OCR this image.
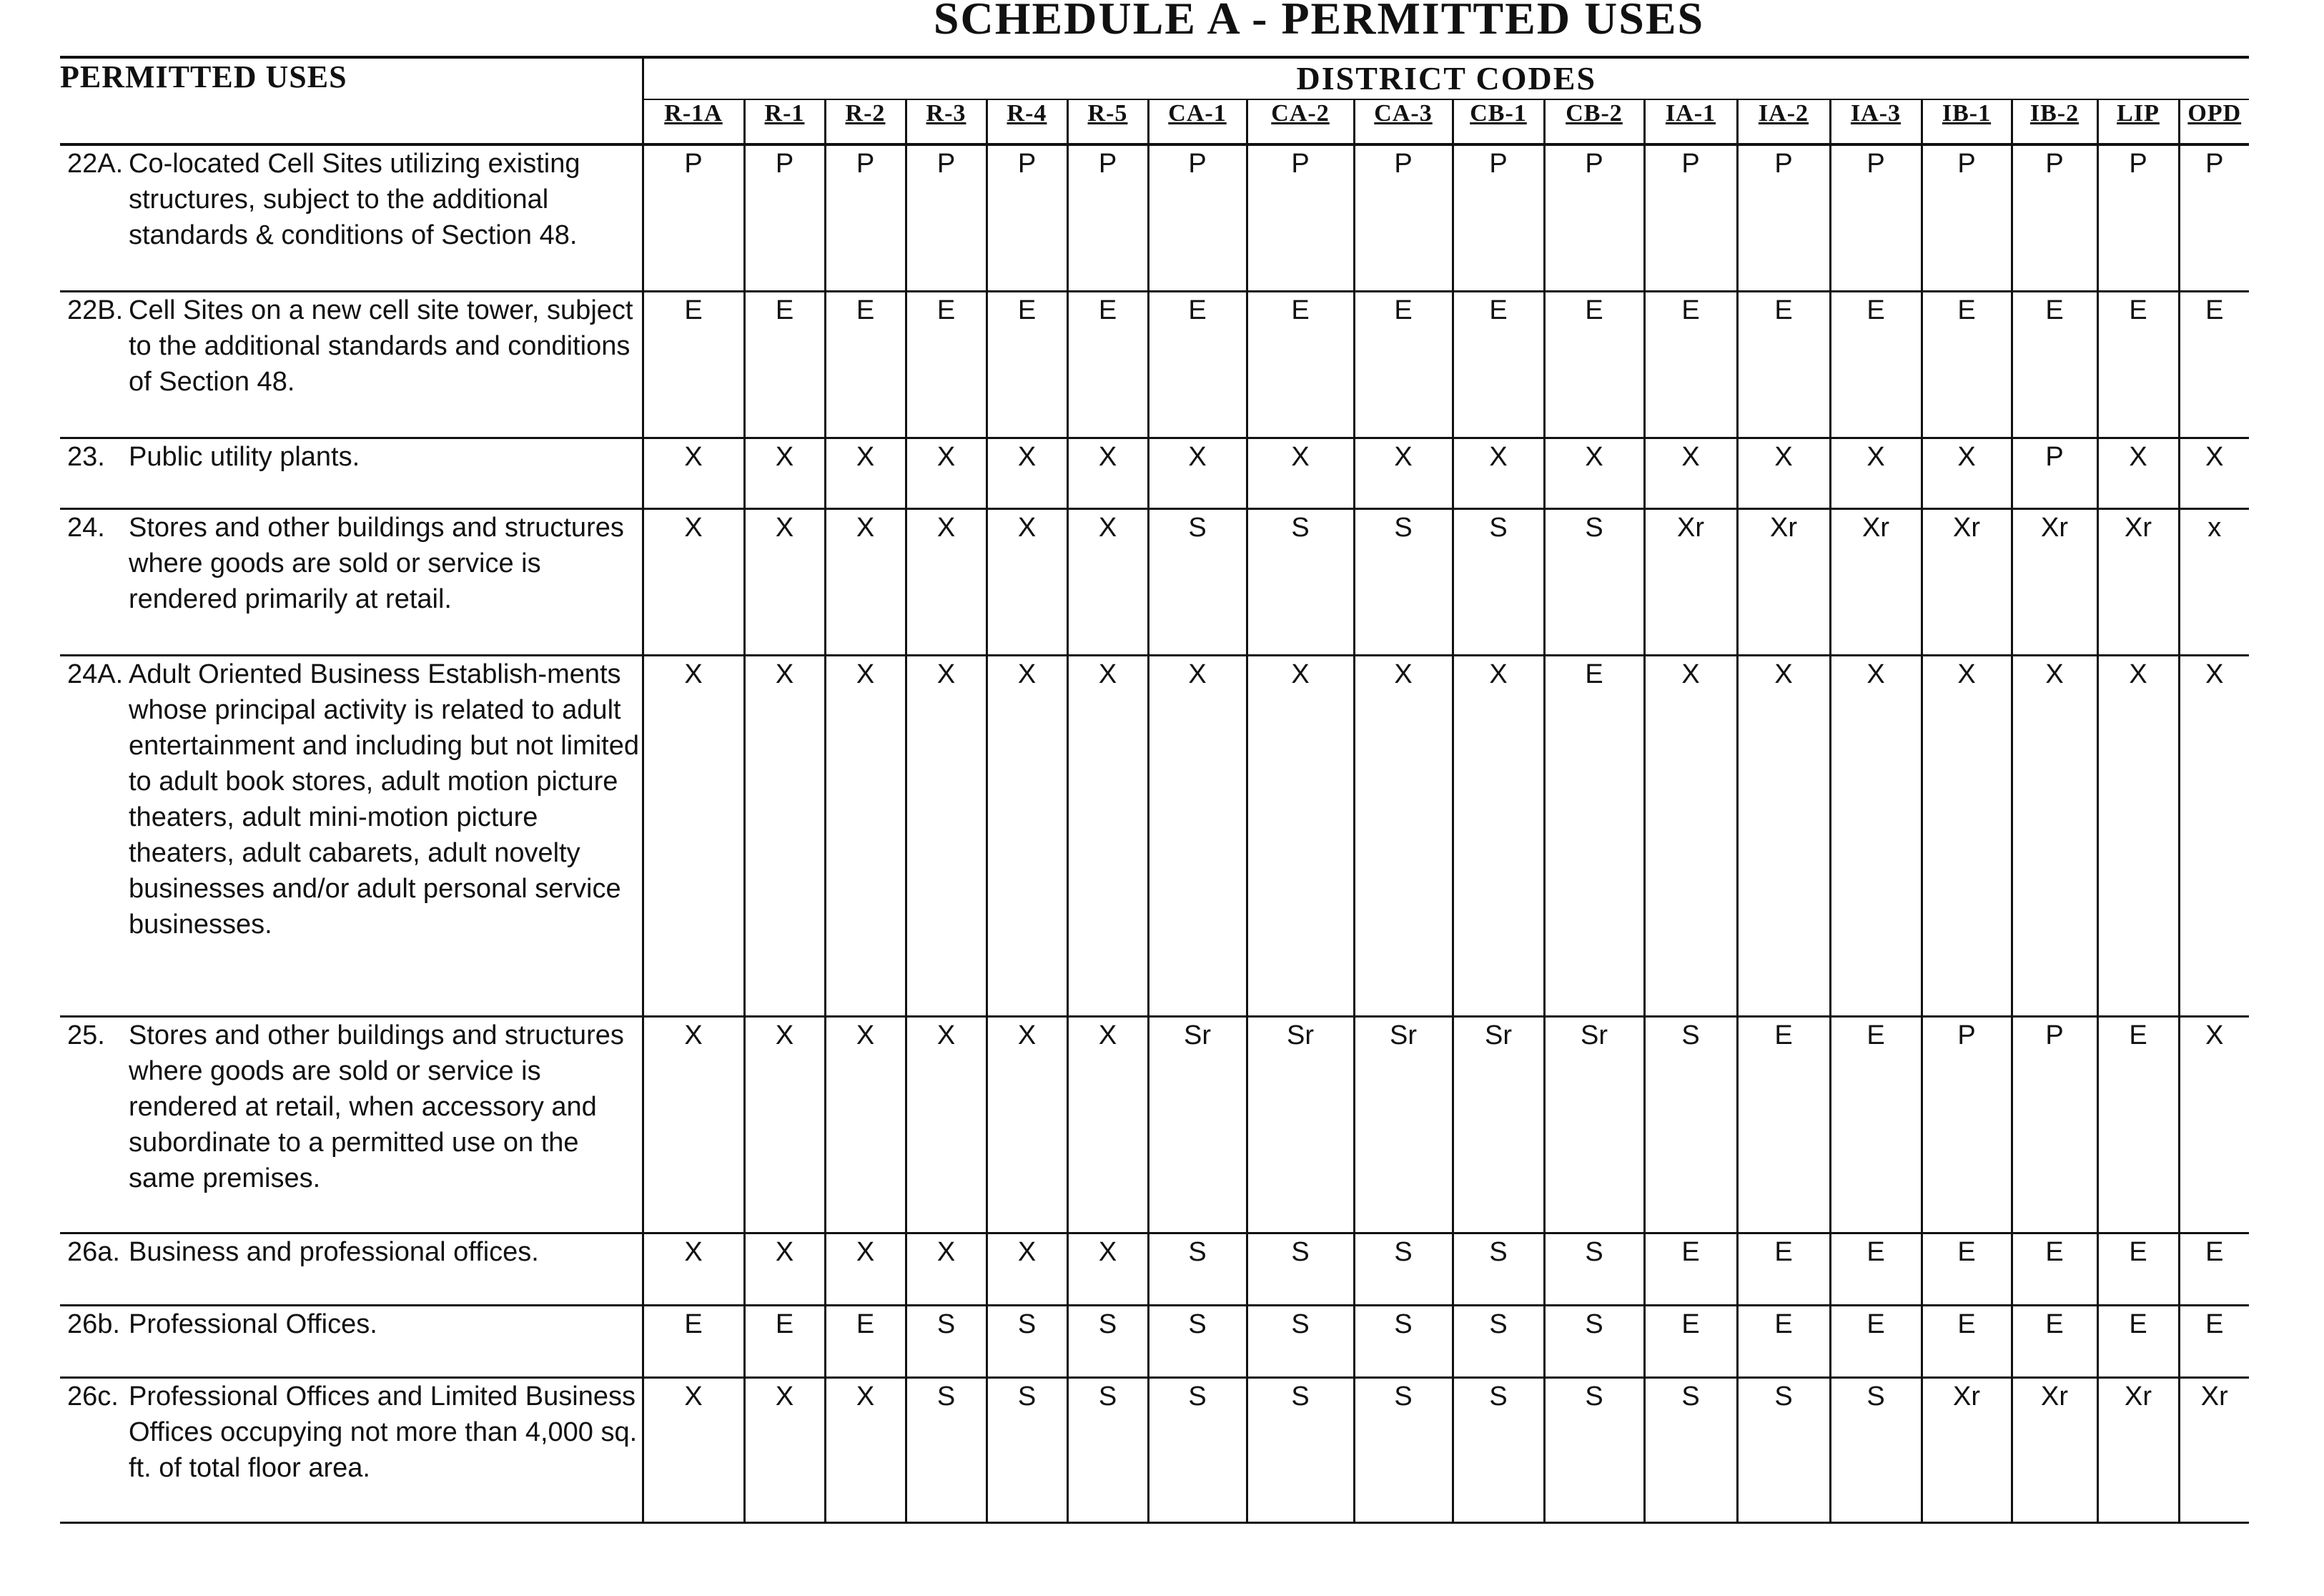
SCHEDULE A - PERMITTED USES
PERMITTED USES	DISTRICT CODES																	
	R-1A	R-1	R-2	R-3	R-4	R-5	CA-1	CA-2	CA-3	CB-1	CB-2	IA-1	IA-2	IA-3	IB-1	IB-2	LIP	OPD

22A. Co-located Cell Sites utilizing existing structures, subject to the additional standards & conditions of Section 48.	P	P	P	P	P	P	P	P	P	P	P	P	P	P	P	P	P	P

22B. Cell Sites on a new cell site tower, subject to the additional standards and conditions of Section 48.	E	E	E	E	E	E	E	E	E	E	E	E	E	E	E	E	E	E

23. Public utility plants.	X	X	X	X	X	X	X	X	X	X	X	X	X	X	X	P	X	X

24. Stores and other buildings and structures where goods are sold or service is rendered primarily at retail.	X	X	X	X	X	X	S	S	S	S	S	Xr	Xr	Xr	Xr	Xr	Xr	x

24A. Adult Oriented Business Establish-ments whose principal activity is related to adult entertainment and including but not limited to adult book stores, adult motion picture theaters, adult mini-motion picture theaters, adult cabarets, adult novelty businesses and/or adult personal service businesses.	X	X	X	X	X	X	X	X	X	X	E	X	X	X	X	X	X	X

25. Stores and other buildings and structures where goods are sold or service is rendered at retail, when accessory and subordinate to a permitted use on the same premises.	X	X	X	X	X	X	Sr	Sr	Sr	Sr	Sr	S	E	E	P	P	E	X

26a. Business and professional offices.	X	X	X	X	X	X	S	S	S	S	S	E	E	E	E	E	E	E

26b. Professional Offices.	E	E	E	S	S	S	S	S	S	S	S	E	E	E	E	E	E	E

26c. Professional Offices and Limited Business Offices occupying not more than 4,000 sq. ft. of total floor area.	X	X	X	S	S	S	S	S	S	S	S	S	S	S	Xr	Xr	Xr	Xr
